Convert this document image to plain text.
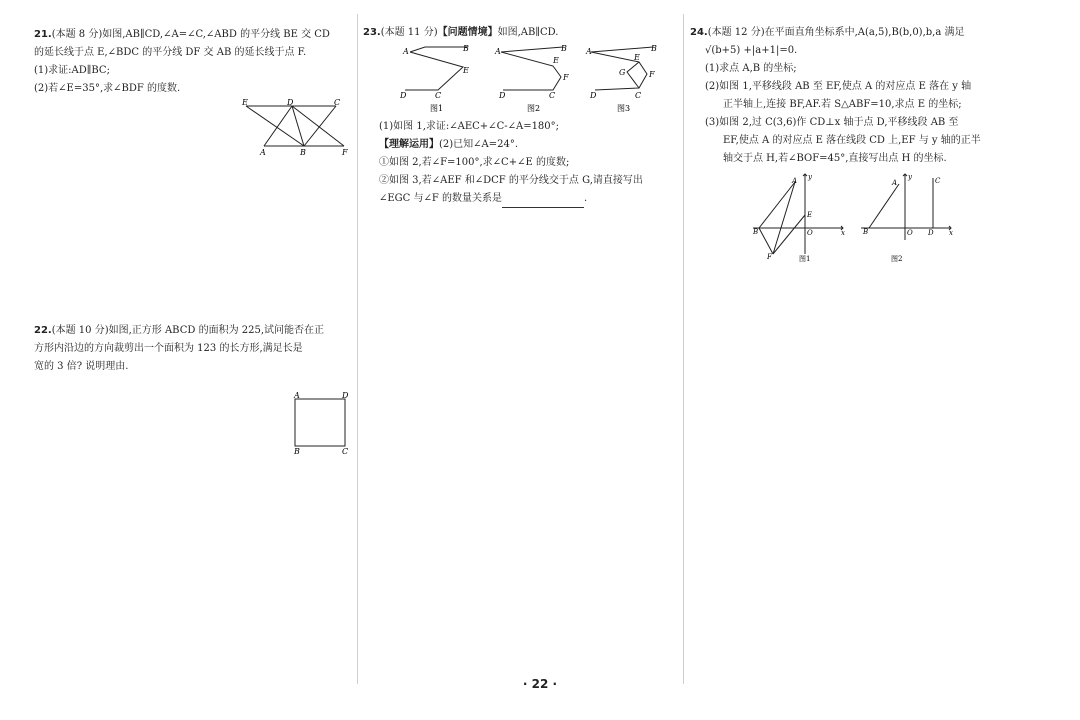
21.(本题 8 分)如图,AB∥CD,∠A=∠C,∠ABD 的平分线 BE 交 CD
的延长线于点 E,∠BDC 的平分线 DF 交 AB 的延长线于点 F.
(1)求证:AD∥BC;
(2)若∠E=35°,求∠BDF 的度数.
E	D	C
A	B	F
22.(本题 10 分)如图,正方形 ABCD 的面积为 225,试问能否在正
方形内沿边的方向裁剪出一个面积为 123 的长方形,满足长是
宽的 3 倍? 说明理由.
A	D
B	C
23.(本题 11 分)【问题情境】如图,AB∥CD.
A	B
E
D	C
图1
A	B
F
E
D	C
图2
A	B
F
G
E
D	C
图3
(1)如图 1,求证:∠AEC+∠C-∠A=180°;
【理解运用】(2)已知∠A=24°.
①如图 2,若∠F=100°,求∠C+∠E 的度数;
②如图 3,若∠AEF 和∠DCF 的平分线交于点 G,请直接写出
∠EGC 与∠F 的数量关系是	.
24.(本题 12 分)在平面直角坐标系中,A(a,5),B(b,0),b,a 满足
√(b+5) +|a+1|=0.
(1)求点 A,B 的坐标;
(2)如图 1,平移线段 AB 至 EF,使点 A 的对应点 E 落在 y 轴
正半轴上,连接 BF,AF.若 S△ABF=10,求点 E 的坐标;
(3)如图 2,过 C(3,6)作 CD⊥x 轴于点 D,平移线段 AB 至
EF,使点 A 的对应点 E 落在线段 CD 上,EF 与 y 轴的正半
轴交于点 H,若∠BOF=45°,直接写出点 H 的坐标.
y
A
E
B	O	x
F	图1
y
A	C
B	O D x
图2
· 22 ·
